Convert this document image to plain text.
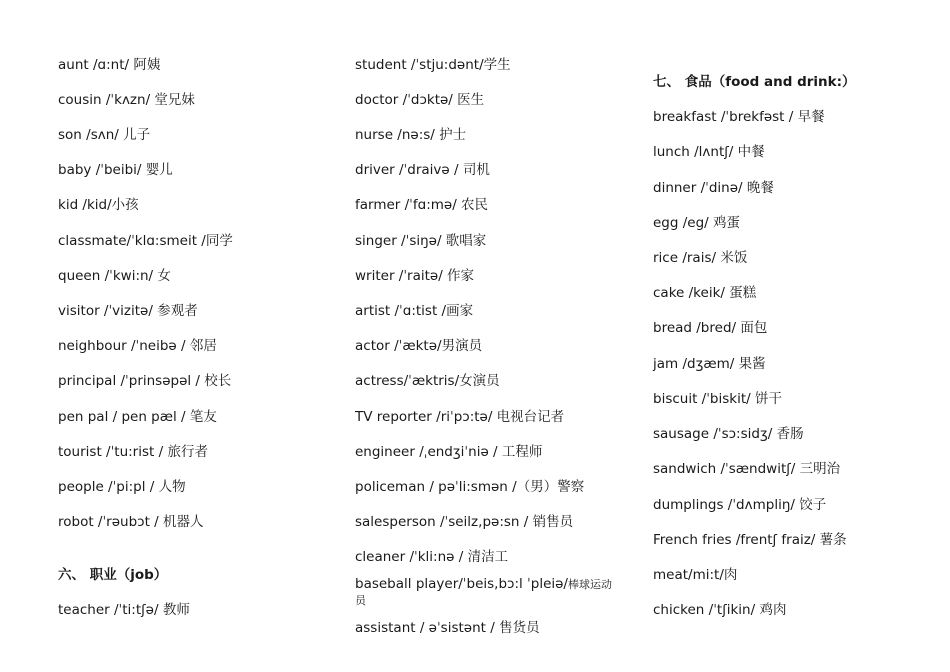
aunt /ɑ:nt/ 阿姨
cousin /ˈkʌzn/ 堂兄妹
son /sʌn/ 儿子
baby /ˈbeibi/ 婴儿
kid /kid/小孩
classmate/ˈklɑ:smeit /同学
queen /ˈkwi:n/ 女
visitor /ˈvizitə/ 参观者
neighbour /ˈneibə / 邻居
principal /ˈprinsəpəl / 校长
pen pal / pen pæl / 笔友
tourist /ˈtu:rist / 旅行者
people /ˈpi:pl / 人物
robot /ˈrəubɔt / 机器人
六、 职业（job）
teacher /ˈti:tʃə/ 教师
student /ˈstju:dənt/学生
doctor /ˈdɔktə/ 医生
nurse /nə:s/ 护士
driver /ˈdraivə / 司机
farmer /ˈfɑ:mə/ 农民
singer /ˈsiŋə/ 歌唱家
writer /ˈraitə/ 作家
artist /ˈɑ:tist /画家
actor /ˈæktə/男演员
actress/ˈæktris/女演员
TV reporter /riˈpɔ:tə/ 电视台记者
engineer /ˌendʒiˈniə / 工程师
policeman / pəˈli:smən /（男）警察
salesperson /ˈseilz,pə:sn / 销售员
cleaner /ˈkli:nə / 清洁工
baseball player/ˈbeis,bɔ:l ˈpleiə/棒球运动
员
assistant / əˈsistənt / 售货员
七、 食品（food and drink:）
breakfast /ˈbrekfəst / 早餐
lunch /lʌntʃ/ 中餐
dinner /ˈdinə/ 晚餐
egg /eg/ 鸡蛋
rice /rais/ 米饭
cake /keik/ 蛋糕
bread /bred/ 面包
jam /dʒæm/ 果酱
biscuit /ˈbiskit/ 饼干
sausage /ˈsɔ:sidʒ/ 香肠
sandwich /ˈsændwitʃ/ 三明治
dumplings /ˈdʌmpliŋ/ 饺子
French fries /frentʃ fraiz/ 薯条
meat/mi:t/肉
chicken /ˈtʃikin/ 鸡肉
